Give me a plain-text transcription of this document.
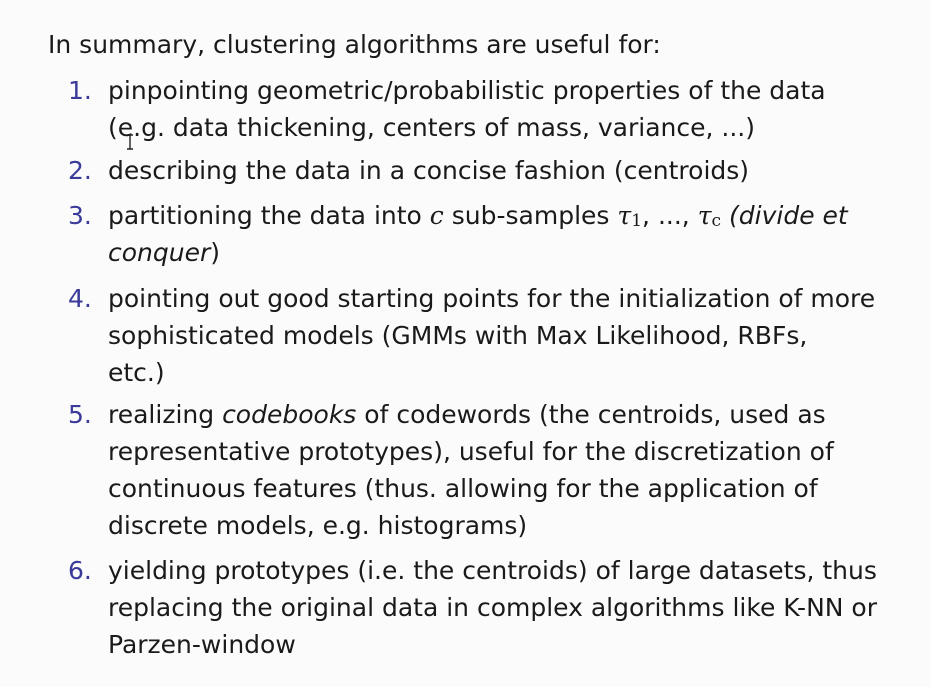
In summary, clustering algorithms are useful for:
1. pinpointing geometric/probabilistic properties of the data
(e.g. data thickening, centers of mass, variance, ...)
2. describing the data in a concise fashion (centroids)
3. partitioning the data into c sub-samples $\tau_1$, ..., $\tau_c$ (divide et
conquer)
4. pointing out good starting points for the initialization of more
sophisticated models (GMMs with Max Likelihood, RBFs,
etc.)
5. realizing codebooks of codewords (the centroids, used as
representative prototypes), useful for the discretization of
continuous features (thus. allowing for the application of
discrete models, e.g. histograms)
6. yielding prototypes (i.e. the centroids) of large datasets, thus
replacing the original data in complex algorithms like K-NN or
Parzen-window
